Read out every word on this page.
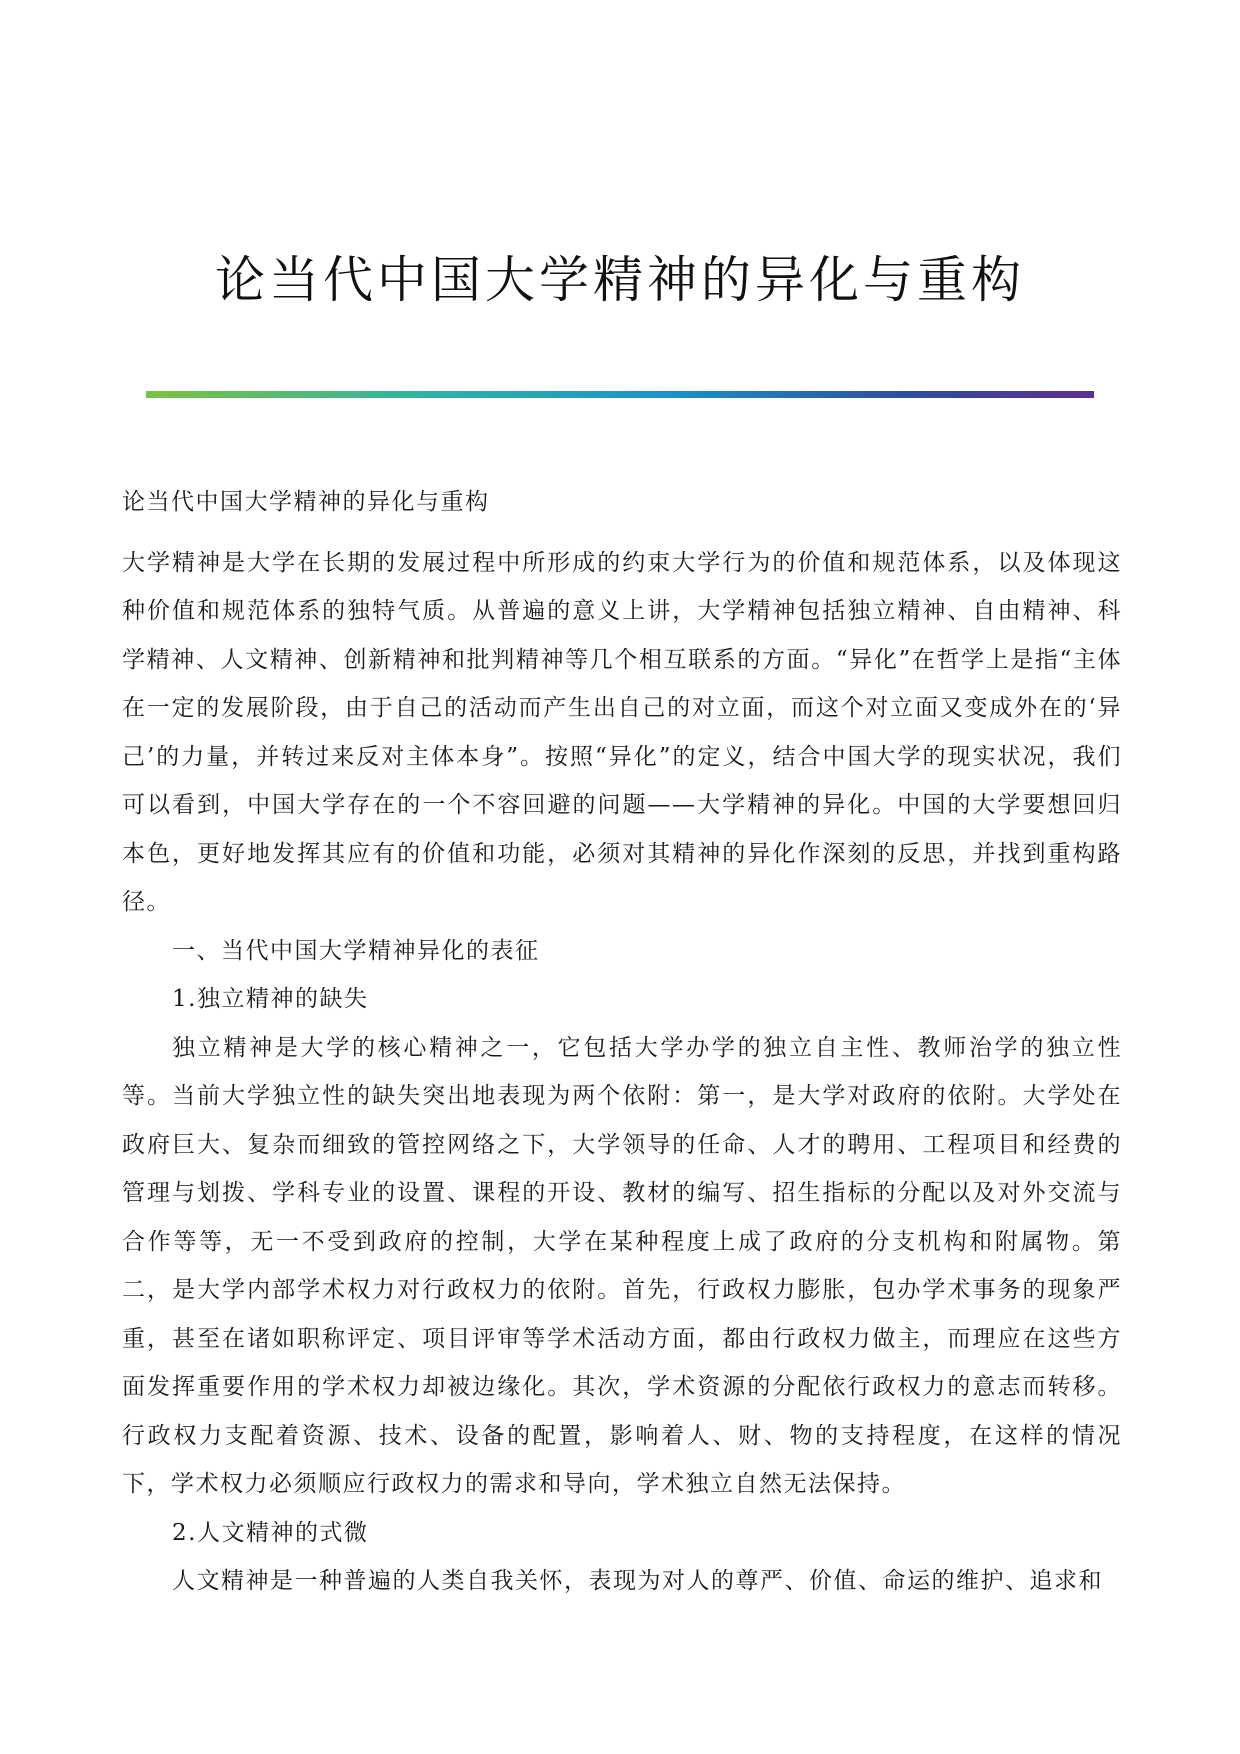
论当代中国大学精神的异化与重构

论当代中国大学精神的异化与重构

大学精神是大学在长期的发展过程中所形成的约束大学行为的价值和规范体系，以及体现这种价值和规范体系的独特气质。从普遍的意义上讲，大学精神包括独立精神、自由精神、科学精神、人文精神、创新精神和批判精神等几个相互联系的方面。“异化”在哲学上是指“主体在一定的发展阶段，由于自己的活动而产生出自己的对立面，而这个对立面又变成外在的‘异己’的力量，并转过来反对主体本身”。按照“异化”的定义，结合中国大学的现实状况，我们可以看到，中国大学存在的一个不容回避的问题——大学精神的异化。中国的大学要想回归本色，更好地发挥其应有的价值和功能，必须对其精神的异化作深刻的反思，并找到重构路径。

一、当代中国大学精神异化的表征

1.独立精神的缺失

独立精神是大学的核心精神之一，它包括大学办学的独立自主性、教师治学的独立性等。当前大学独立性的缺失突出地表现为两个依附：第一，是大学对政府的依附。大学处在政府巨大、复杂而细致的管控网络之下，大学领导的任命、人才的聘用、工程项目和经费的管理与划拨、学科专业的设置、课程的开设、教材的编写、招生指标的分配以及对外交流与合作等等，无一不受到政府的控制，大学在某种程度上成了政府的分支机构和附属物。第二，是大学内部学术权力对行政权力的依附。首先，行政权力膨胀，包办学术事务的现象严重，甚至在诸如职称评定、项目评审等学术活动方面，都由行政权力做主，而理应在这些方面发挥重要作用的学术权力却被边缘化。其次，学术资源的分配依行政权力的意志而转移。行政权力支配着资源、技术、设备的配置，影响着人、财、物的支持程度，在这样的情况下，学术权力必须顺应行政权力的需求和导向，学术独立自然无法保持。

2.人文精神的式微

人文精神是一种普遍的人类自我关怀，表现为对人的尊严、价值、命运的维护、追求和
